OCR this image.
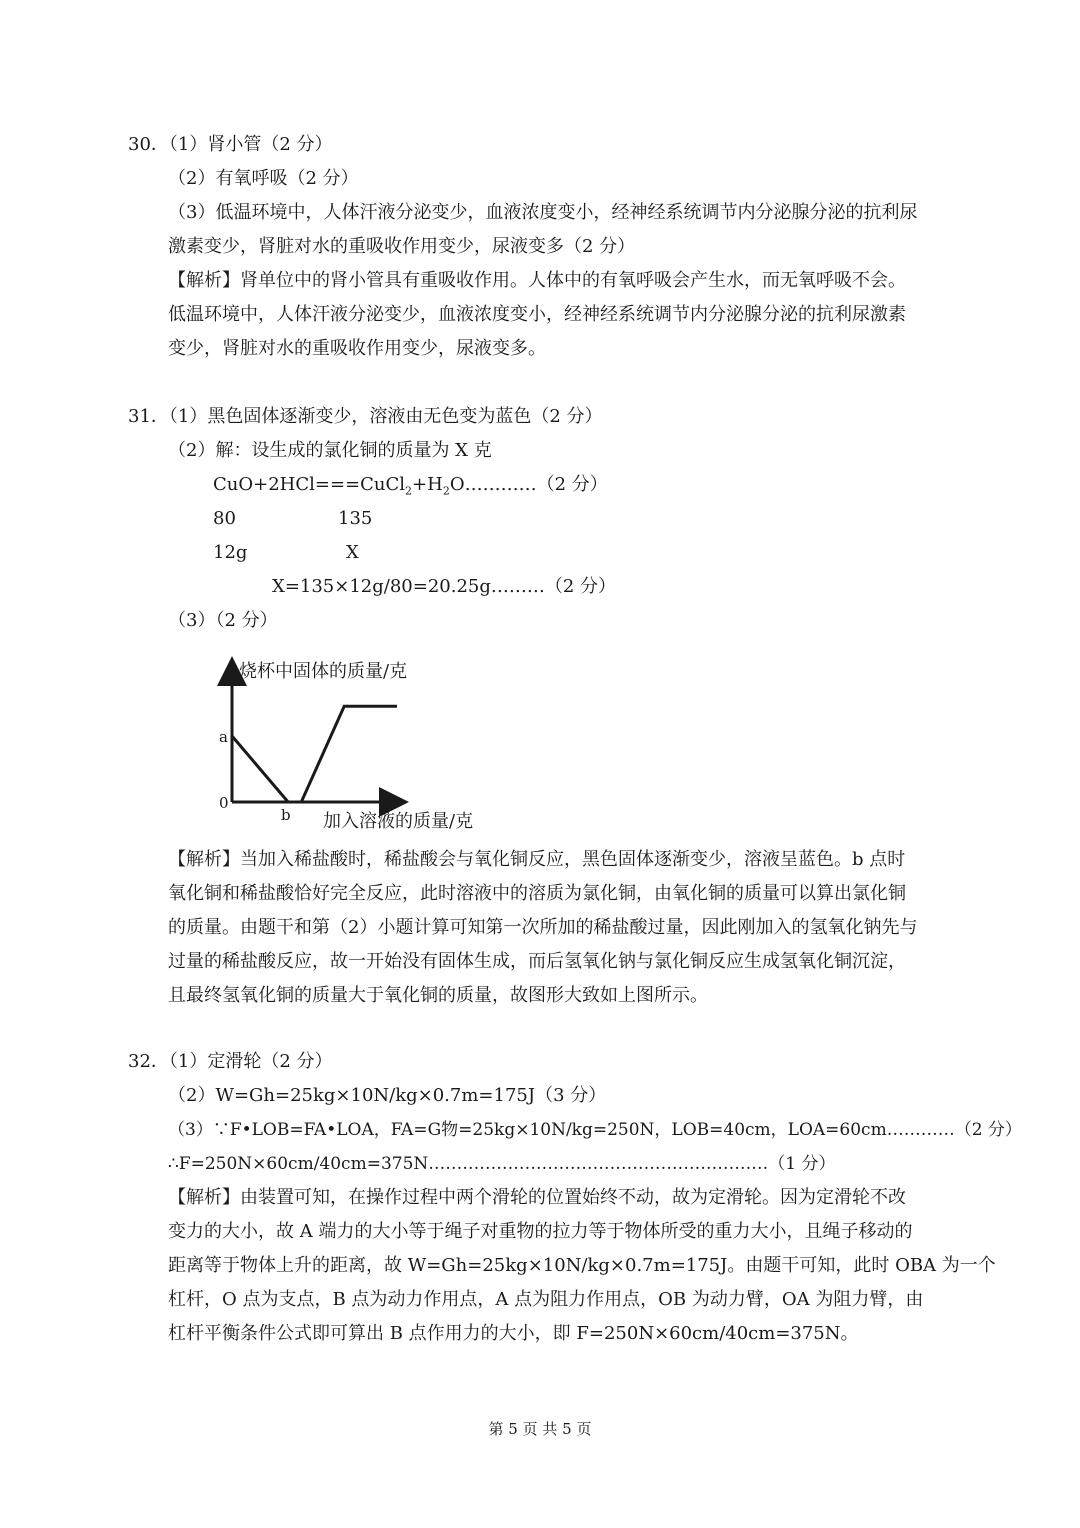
30．（1）肾小管（2 分）
（2）有氧呼吸（2 分）
（3）低温环境中，人体汗液分泌变少，血液浓度变小，经神经系统调节内分泌腺分泌的抗利尿
激素变少，肾脏对水的重吸收作用变少，尿液变多（2 分）
【解析】肾单位中的肾小管具有重吸收作用。人体中的有氧呼吸会产生水，而无氧呼吸不会。
低温环境中，人体汗液分泌变少，血液浓度变小，经神经系统调节内分泌腺分泌的抗利尿激素
变少，肾脏对水的重吸收作用变少，尿液变多。
31．（1）黑色固体逐渐变少，溶液由无色变为蓝色（2 分）
（2）解：设生成的氯化铜的质量为 X 克
$CuO+2HCl===CuCl_2+H_2O\dots\dots\dots\dots(2$ 分）
80	135
12g	X
X=135×12g/80=20.25g………（2 分）
（3）（2 分）
烧杯中固体的质量/克
加入溶液的质量/克
0
a
b
【解析】当加入稀盐酸时，稀盐酸会与氧化铜反应，黑色固体逐渐变少，溶液呈蓝色。b 点时
氧化铜和稀盐酸恰好完全反应，此时溶液中的溶质为氯化铜，由氧化铜的质量可以算出氯化铜
的质量。由题干和第（2）小题计算可知第一次所加的稀盐酸过量，因此刚加入的氢氧化钠先与
过量的稀盐酸反应，故一开始没有固体生成，而后氢氧化钠与氯化铜反应生成氢氧化铜沉淀，
且最终氢氧化铜的质量大于氧化铜的质量，故图形大致如上图所示。
32．（1）定滑轮（2 分）
（2）W=Gh=25kg×10N/kg×0.7m=175J（3 分）
（3）∵F•LOB=FA•LOA，FA=G物=25kg×10N/kg=250N，LOB=40cm，LOA=60cm…………（2 分）
∴F=250N×60cm/40cm=375N……………………………………………………（1 分）
【解析】由装置可知，在操作过程中两个滑轮的位置始终不动，故为定滑轮。因为定滑轮不改
变力的大小，故 A 端力的大小等于绳子对重物的拉力等于物体所受的重力大小，且绳子移动的
距离等于物体上升的距离，故 W=Gh=25kg×10N/kg×0.7m=175J。由题干可知，此时 OBA 为一个
杠杆，O 点为支点，B 点为动力作用点，A 点为阻力作用点，OB 为动力臂，OA 为阻力臂，由
杠杆平衡条件公式即可算出 B 点作用力的大小，即 F=250N×60cm/40cm=375N。
第 5 页 共 5 页
